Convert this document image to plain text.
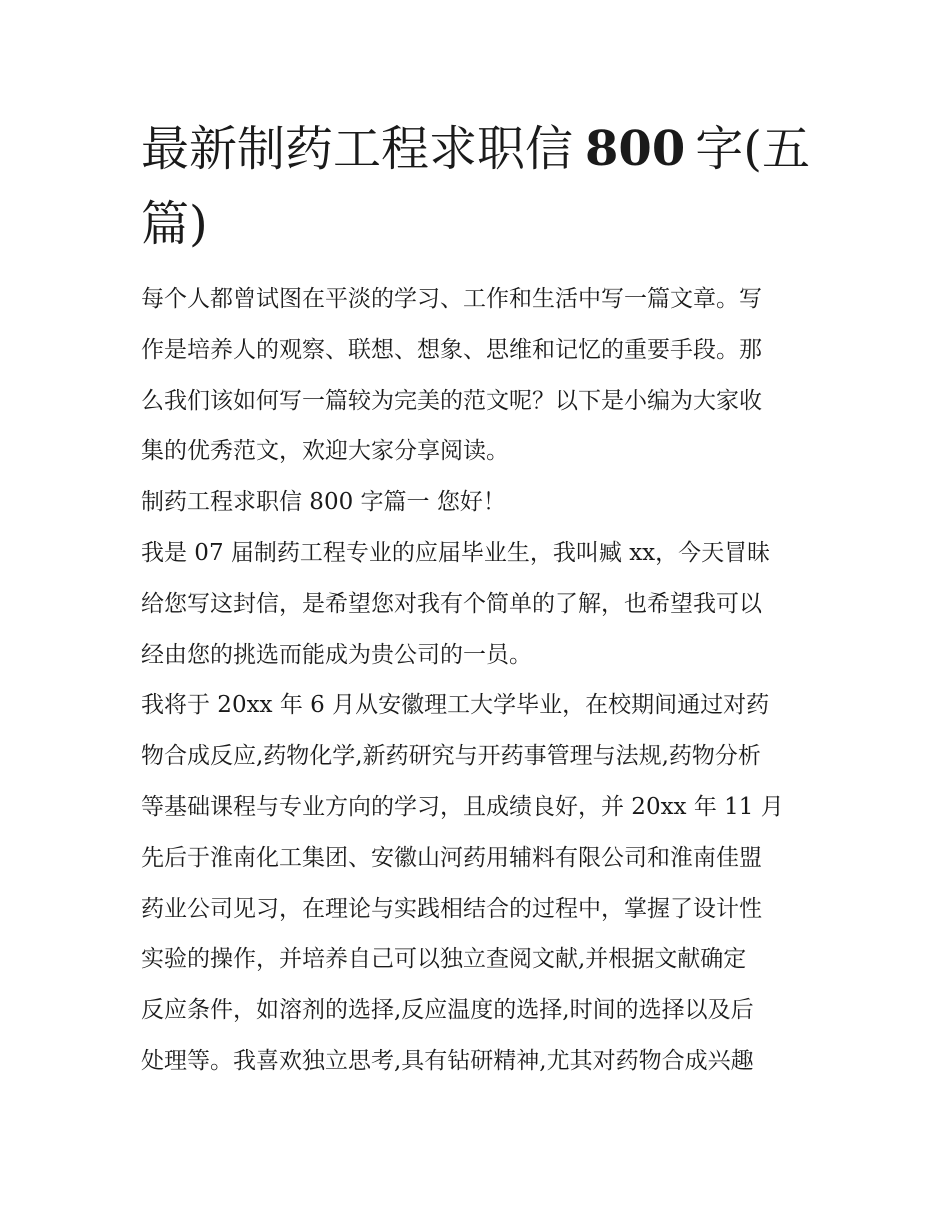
最新制药工程求职信 800 字(五
篇)

每个人都曾试图在平淡的学习、工作和生活中写一篇文章。写
作是培养人的观察、联想、想象、思维和记忆的重要手段。那
么我们该如何写一篇较为完美的范文呢？以下是小编为大家收
集的优秀范文，欢迎大家分享阅读。

制药工程求职信 800 字篇一 您好！

我是 07 届制药工程专业的应届毕业生，我叫臧 xx，今天冒昧
给您写这封信，是希望您对我有个简单的了解，也希望我可以
经由您的挑选而能成为贵公司的一员。

我将于 20xx 年 6 月从安徽理工大学毕业，在校期间通过对药
物合成反应,药物化学,新药研究与开药事管理与法规,药物分析
等基础课程与专业方向的学习，且成绩良好，并 20xx 年 11 月
先后于淮南化工集团、安徽山河药用辅料有限公司和淮南佳盟
药业公司见习，在理论与实践相结合的过程中，掌握了设计性
实验的操作，并培养自己可以独立查阅文献,并根据文献确定
反应条件，如溶剂的选择,反应温度的选择,时间的选择以及后
处理等。我喜欢独立思考,具有钻研精神,尤其对药物合成兴趣
